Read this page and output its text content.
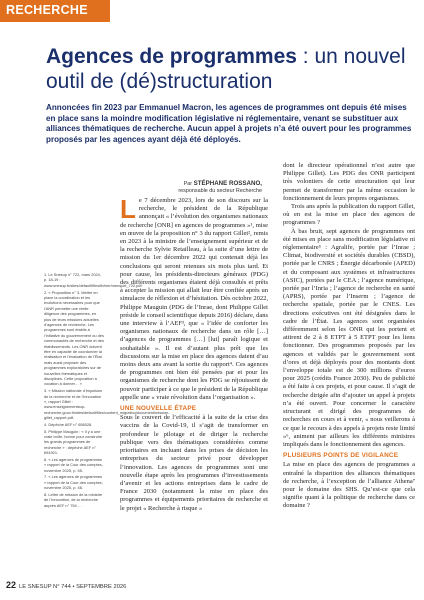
RECHERCHE
Agences de programmes : un nouvel outil de (dé)structuration

Annoncées fin 2023 par Emmanuel Macron, les agences de programmes ont depuis été mises en place sans la moindre modification législative ni réglementaire, venant se substituer aux alliances thématiques de recherche. Aucun appel à projets n’a été ouvert pour les programmes proposés par les agences ayant déjà été déployés.

Par STÉPHANE ROSSANO,
responsable du secteur Recherche

1. Le Snesup n° 722, mars 2024, p. 18-19 : www.snesup.fr/sites/default/files/fichier/mensuel_722.pdf.

2. « Proposition n° 3. Mettre en place la coordination et les évolutions nécessaires pour que l’ANR permette une réelle diligence des programmes, en plus de leurs missions actuelles d’agences de recherche. Les programmes sont établis à l’initiative du gouvernement ou des communautés de recherche et des établissements. Les ONR doivent être en capacité de coordonner la réalisation et l’évaluation de l’État mais aussi proposer des programmes exploratoires sur de nouvelles thématiques et disciplines. Cette proposition a vocation à donner… »

3. « Mission nationale d’impulsion de la recherche et de l’innovation », rapport Gillet : www.enseignementsup-recherche.gouv.fr/sites/default/files/content_migration/document/mission-gillet_rapport.pdf.

4. Dépêche AEF n° 658028.

5. Philippe Mauguin : « Il y a une vraie boîte, bonne pour construire les grands programmes de recherche » : dépêche AEF n° 694301.

6. « Les agences de programmes » rapport de la Cour des comptes, novembre 2025, p. 55.

7. « Les agences de programmes » rapport de la Cour des comptes, novembre 2025, p. 48.

8. Lettre de mission de la ministre de l’Innovation, de la recherche auprès AEF n° 754… .

Le 7 décembre 2023, lors de son discours sur la recherche, le président de la République annonçait « l’évolution des organismes nationaux de recherche [ONR] en agences de programmes »¹, mise en œuvre de la proposition n° 3 du rapport Gillet², remis en 2023 à la ministre de l’enseignement supérieur et de la recherche Sylvie Retailleau, à la suite d’une lettre de mission du 1er décembre 2022 qui contenait déjà les conclusions qui seront retenues six mois plus tard. Et pour cause, les présidents-directeurs généraux (PDG) des différents organismes étaient déjà consultés et prêts à accepter la mission qui allait leur être confiée après un simulacre de réflexion et d’hésitation. Dès octobre 2022, Philippe Mauguin (PDG de l’Inrae, dont Philippe Gillet préside le conseil scientifique depuis 2016) déclare, dans une interview à l’AEF³, que « l’idée de conforter les organismes nationaux de recherche dans un rôle […] d’agences de programmes […] [lui] paraît logique et souhaitable ». Il est d’autant plus prêt que les discussions sur la mise en place des agences datent d’au moins deux ans avant la sortie du rapport⁴. Ces agences de programmes ont bien été pensées par et pour les organismes de recherche dont les PDG se réjouissent de pouvoir participer à ce que le président de la République appelle une « vraie révolution dans l’organisation ».

UNE NOUVELLE ÉTAPE

Sous le couvert de l’efficacité à la suite de la crise des vaccins de la Covid-19, il s’agit de transformer en profondeur le pilotage et de diriger la recherche publique vers des thématiques considérées comme prioritaires en incluant dans les prises de décision les entreprises du secteur privé pour développer l’innovation. Les agences de programmes sont une nouvelle étape après les programmes d’investissements d’avenir et les actions entreprises dans le cadre de France 2030 (notamment la mise en place des programmes et équipements prioritaires de recherche et le projet « Recherche à risque »

dont le directeur opérationnel n’est autre que Philippe Gillet). Les PDG des ONR participent très volontiers de cette structuration qui leur permet de transformer par la même occasion le fonctionnement de leurs propres organismes.

Trois ans après la publication du rapport Gillet, où en est la mise en place des agences de programmes ?

À bas bruit, sept agences de programmes ont été mises en place sans modification législative ni réglementaire⁵ : Agralife, portée par l’Inrae ; Climat, biodiversité et sociétés durables (CBSD), portée par le CNRS ; Énergie décarbonée (APED) et du composant aux systèmes et infrastructures (ASIC), portées par le CEA ; l’agence numérique, portée par l’Inria ; l’agence de recherche en santé (APRS), portée par l’Inserm ; l’agence de recherche spatiale, portée par le CNES. Les directions exécutives ont été désignées dans le cadre de l’État. Les agences sont organisées différemment selon les ONR qui les portent et attirent de 2 à 8 ETPT à 5 ETPT pour les liens fonctionner. Des programmes proposés par les agences et validés par le gouvernement sont d’ores et déjà déployés pour des montants dont l’enveloppe totale est de 300 millions d’euros pour 2025 (crédits France 2030). Peu de publicité a été faite à ces projets, et pour cause. Il s’agit de recherche dirigée afin d’ajouter un appel à projets n’a été ouvert. Pour concerner le caractère structurant et dirigé des programmes de recherches en cours et à venir, « nous veillerons à ce que le recours à des appels à projets reste limité »⁶, animent par ailleurs les différents ministres impliqués dans le fonctionnement des agences.

PLUSIEURS POINTS DE VIGILANCE

La mise en place des agences de programmes a entraîné la disparition des alliances thématiques de recherche, à l’exception de l’alliance Athena⁷ pour le domaine des SHS. Qu’est-ce que cela signifie quant à la politique de recherche dans ce domaine ?

22 LE SNESUP N° 744 • SEPTEMBRE 2026
